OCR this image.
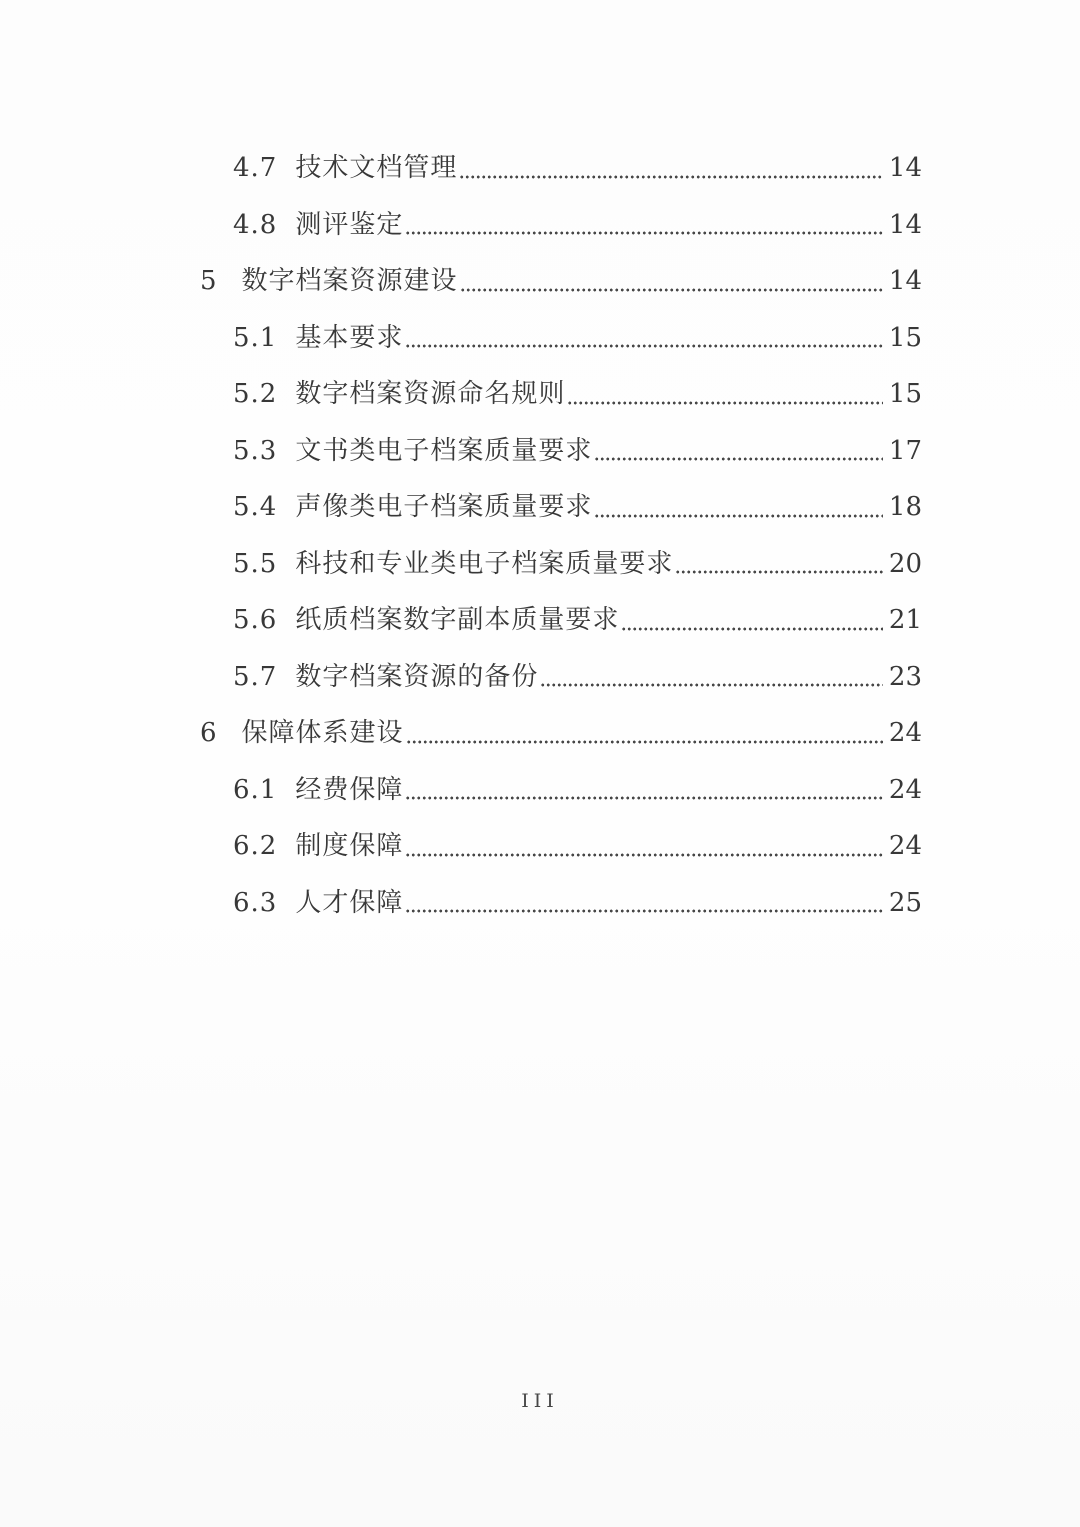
4.7 技术文档管理	14
4.8 测评鉴定	14
5 数字档案资源建设	14
5.1 基本要求	15
5.2 数字档案资源命名规则	15
5.3 文书类电子档案质量要求	17
5.4 声像类电子档案质量要求	18
5.5 科技和专业类电子档案质量要求	20
5.6 纸质档案数字副本质量要求	21
5.7 数字档案资源的备份	23
6 保障体系建设	24
6.1 经费保障	24
6.2 制度保障	24
6.3 人才保障	25
III
